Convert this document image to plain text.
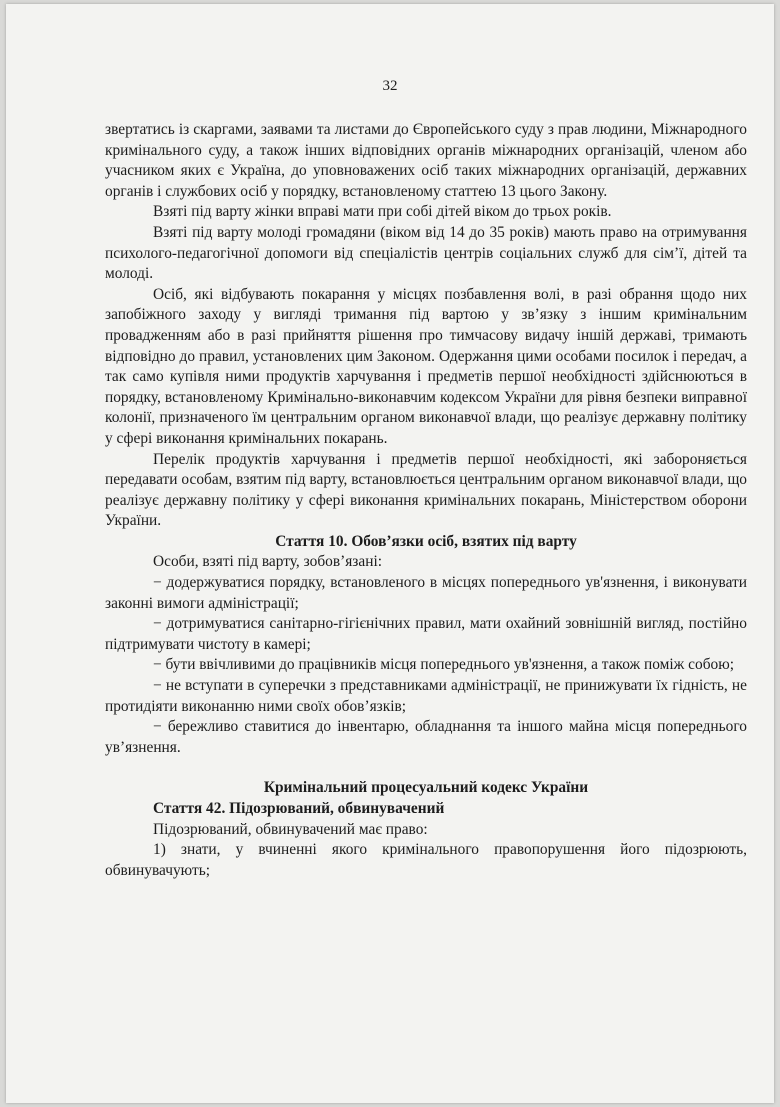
32

звертатись із скаргами, заявами та листами до Європейського суду з прав людини, Міжнародного кримінального суду, а також інших відповідних органів міжнародних організацій, членом або учасником яких є Україна, до уповноважених осіб таких міжнародних організацій, державних органів і службових осіб у порядку, встановленому статтею 13 цього Закону.

Взяті під варту жінки вправі мати при собі дітей віком до трьох років.

Взяті під варту молоді громадяни (віком від 14 до 35 років) мають право на отримування психолого-педагогічної допомоги від спеціалістів центрів соціальних служб для сім’ї, дітей та молоді.

Осіб, які відбувають покарання у місцях позбавлення волі, в разі обрання щодо них запобіжного заходу у вигляді тримання під вартою у зв’язку з іншим кримінальним провадженням або в разі прийняття рішення про тимчасову видачу іншій державі, тримають відповідно до правил, установлених цим Законом. Одержання цими особами посилок і передач, а так само купівля ними продуктів харчування і предметів першої необхідності здійснюються в порядку, встановленому Кримінально-виконавчим кодексом України для рівня безпеки виправної колонії, призначеного їм центральним органом виконавчої влади, що реалізує державну політику у сфері виконання кримінальних покарань.

Перелік продуктів харчування і предметів першої необхідності, які забороняється передавати особам, взятим під варту, встановлюється центральним органом виконавчої влади, що реалізує державну політику у сфері виконання кримінальних покарань, Міністерством оборони України.

Стаття 10. Обов’язки осіб, взятих під варту

Особи, взяті під варту, зобов’язані:

− додержуватися порядку, встановленого в місцях попереднього ув'язнення, і виконувати законні вимоги адміністрації;

− дотримуватися санітарно-гігієнічних правил, мати охайний зовнішній вигляд, постійно підтримувати чистоту в камері;

− бути ввічливими до працівників місця попереднього ув'язнення, а також поміж собою;

− не вступати в суперечки з представниками адміністрації, не принижувати їх гідність, не протидіяти виконанню ними своїх обов’язків;

− бережливо ставитися до інвентарю, обладнання та іншого майна місця попереднього ув’язнення.

Кримінальний процесуальний кодекс України

Стаття 42. Підозрюваний, обвинувачений

Підозрюваний, обвинувачений має право:

1) знати, у вчиненні якого кримінального правопорушення його підозрюють, обвинувачують;
